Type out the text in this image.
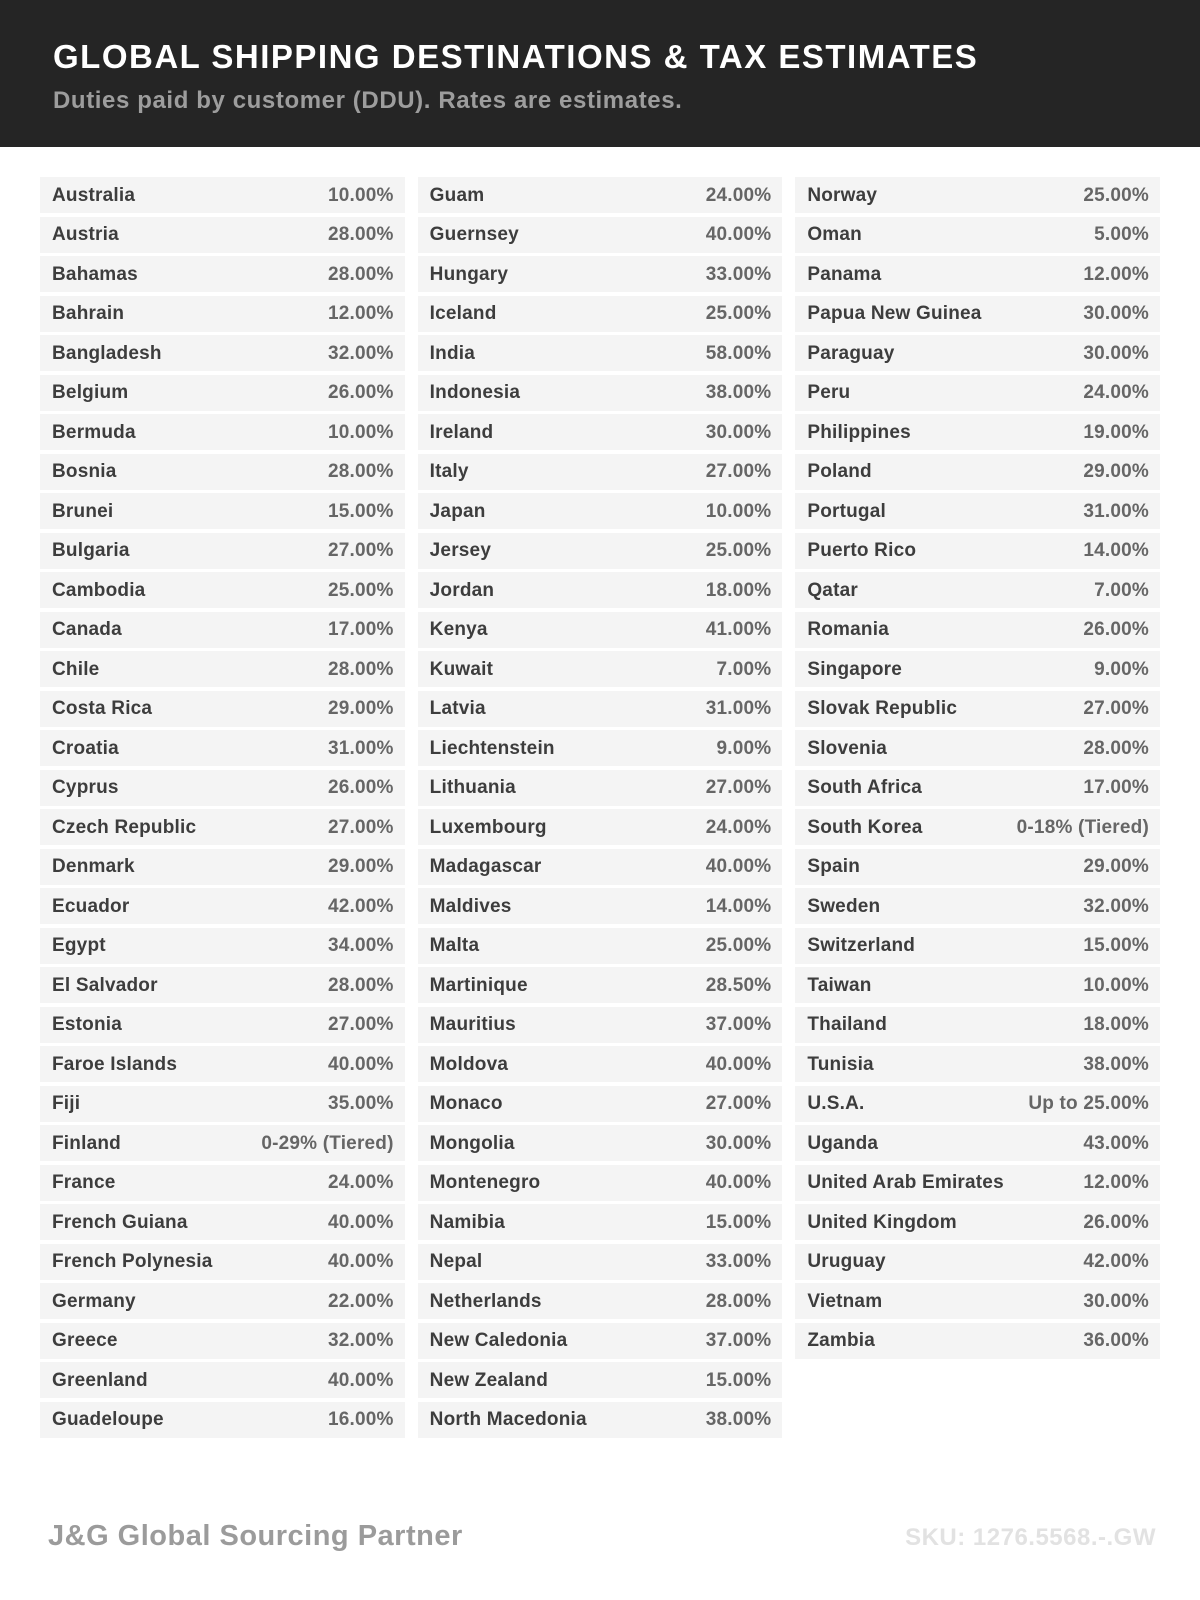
GLOBAL SHIPPING DESTINATIONS & TAX ESTIMATES
Duties paid by customer (DDU). Rates are estimates.
Australia	10.00%
Austria	28.00%
Bahamas	28.00%
Bahrain	12.00%
Bangladesh	32.00%
Belgium	26.00%
Bermuda	10.00%
Bosnia	28.00%
Brunei	15.00%
Bulgaria	27.00%
Cambodia	25.00%
Canada	17.00%
Chile	28.00%
Costa Rica	29.00%
Croatia	31.00%
Cyprus	26.00%
Czech Republic	27.00%
Denmark	29.00%
Ecuador	42.00%
Egypt	34.00%
El Salvador	28.00%
Estonia	27.00%
Faroe Islands	40.00%
Fiji	35.00%
Finland	0-29% (Tiered)
France	24.00%
French Guiana	40.00%
French Polynesia	40.00%
Germany	22.00%
Greece	32.00%
Greenland	40.00%
Guadeloupe	16.00%
Guam	24.00%
Guernsey	40.00%
Hungary	33.00%
Iceland	25.00%
India	58.00%
Indonesia	38.00%
Ireland	30.00%
Italy	27.00%
Japan	10.00%
Jersey	25.00%
Jordan	18.00%
Kenya	41.00%
Kuwait	7.00%
Latvia	31.00%
Liechtenstein	9.00%
Lithuania	27.00%
Luxembourg	24.00%
Madagascar	40.00%
Maldives	14.00%
Malta	25.00%
Martinique	28.50%
Mauritius	37.00%
Moldova	40.00%
Monaco	27.00%
Mongolia	30.00%
Montenegro	40.00%
Namibia	15.00%
Nepal	33.00%
Netherlands	28.00%
New Caledonia	37.00%
New Zealand	15.00%
North Macedonia	38.00%
Norway	25.00%
Oman	5.00%
Panama	12.00%
Papua New Guinea	30.00%
Paraguay	30.00%
Peru	24.00%
Philippines	19.00%
Poland	29.00%
Portugal	31.00%
Puerto Rico	14.00%
Qatar	7.00%
Romania	26.00%
Singapore	9.00%
Slovak Republic	27.00%
Slovenia	28.00%
South Africa	17.00%
South Korea	0-18% (Tiered)
Spain	29.00%
Sweden	32.00%
Switzerland	15.00%
Taiwan	10.00%
Thailand	18.00%
Tunisia	38.00%
U.S.A.	Up to 25.00%
Uganda	43.00%
United Arab Emirates	12.00%
United Kingdom	26.00%
Uruguay	42.00%
Vietnam	30.00%
Zambia	36.00%
J&G Global Sourcing Partner	SKU: 1276.5568.-.GW
